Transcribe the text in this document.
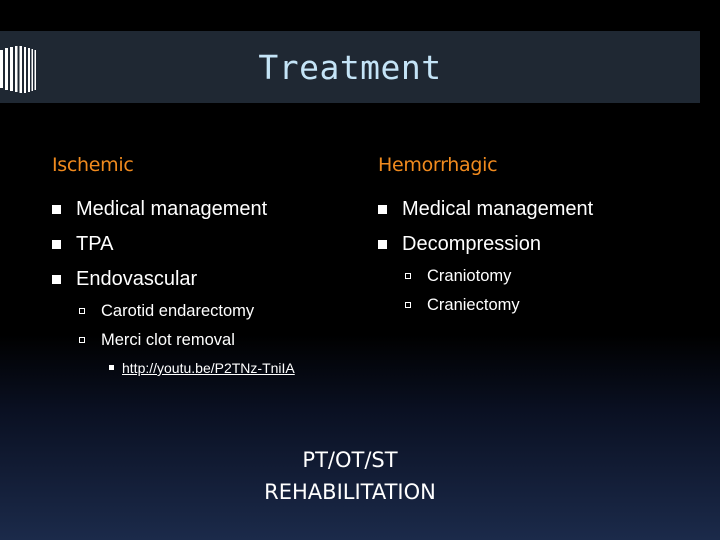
Treatment
Ischemic
Medical management
TPA
Endovascular
Carotid endarectomy
Merci clot removal
http://youtu.be/P2TNz-TniIA
Hemorrhagic
Medical management
Decompression
Craniotomy
Craniectomy
PT/OT/ST
REHABILITATION
